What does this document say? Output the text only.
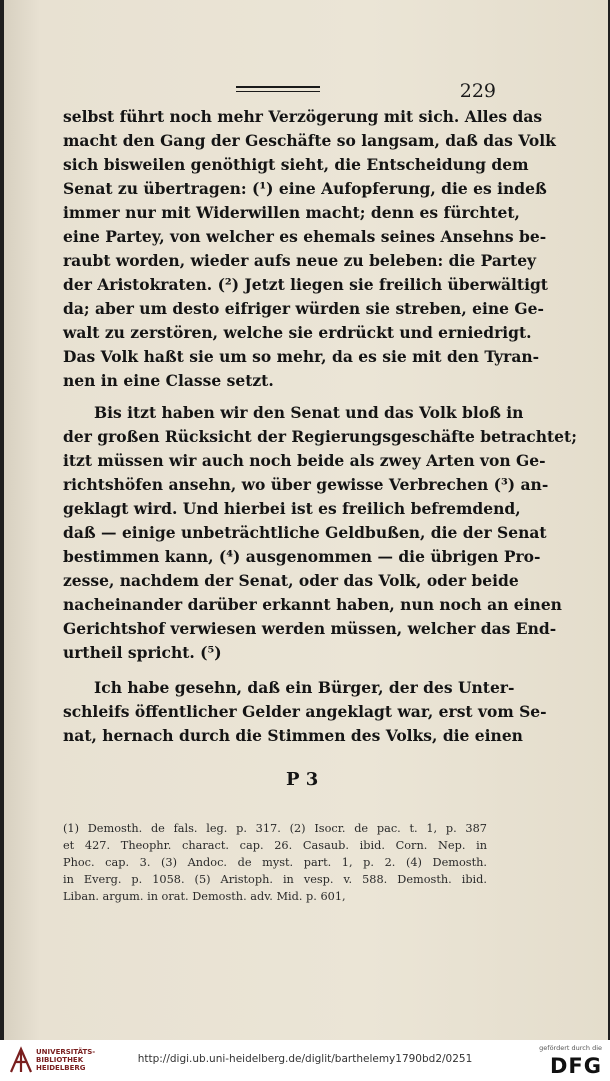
229
selbst führt noch mehr Verzögerung mit sich. Alles das
macht den Gang der Geschäfte so langsam, daß das Volk
sich bisweilen genöthigt sieht, die Entscheidung dem
Senat zu übertragen: (¹) eine Aufopferung, die es indeß
immer nur mit Widerwillen macht; denn es fürchtet,
eine Partey, von welcher es ehemals seines Ansehns be-
raubt worden, wieder aufs neue zu beleben: die Partey
der Aristokraten. (²) Jetzt liegen sie freilich überwältigt
da; aber um desto eifriger würden sie streben, eine Ge-
walt zu zerstören, welche sie erdrückt und erniedrigt.
Das Volk haßt sie um so mehr, da es sie mit den Tyran-
nen in eine Classe setzt.
Bis itzt haben wir den Senat und das Volk bloß in
der großen Rücksicht der Regierungsgeschäfte betrachtet;
itzt müssen wir auch noch beide als zwey Arten von Ge-
richtshöfen ansehn, wo über gewisse Verbrechen (³) an-
geklagt wird. Und hierbei ist es freilich befremdend,
daß — einige unbeträchtliche Geldbußen, die der Senat
bestimmen kann, (⁴) ausgenommen — die übrigen Pro-
zesse, nachdem der Senat, oder das Volk, oder beide
nacheinander darüber erkannt haben, nun noch an einen
Gerichtshof verwiesen werden müssen, welcher das End-
urtheil spricht. (⁵)
Ich habe gesehn, daß ein Bürger, der des Unter-
schleifs öffentlicher Gelder angeklagt war, erst vom Se-
nat, hernach durch die Stimmen des Volks, die einen
P 3
(1) Demosth. de fals. leg. p. 317. (2) Isocr. de pac. t. 1, p. 387
et 427. Theophr. charact. cap. 26. Casaub. ibid. Corn. Nep. in
Phoc. cap. 3. (3) Andoc. de myst. part. 1, p. 2. (4) Demosth.
in Everg. p. 1058. (5) Aristoph. in vesp. v. 588. Demosth. ibid.
Liban. argum. in orat. Demosth. adv. Mid. p. 601,
UNIVERSITÄTS-
BIBLIOTHEK
HEIDELBERG
http://digi.ub.uni-heidelberg.de/diglit/barthelemy1790bd2/0251
gefördert durch die
DFG
